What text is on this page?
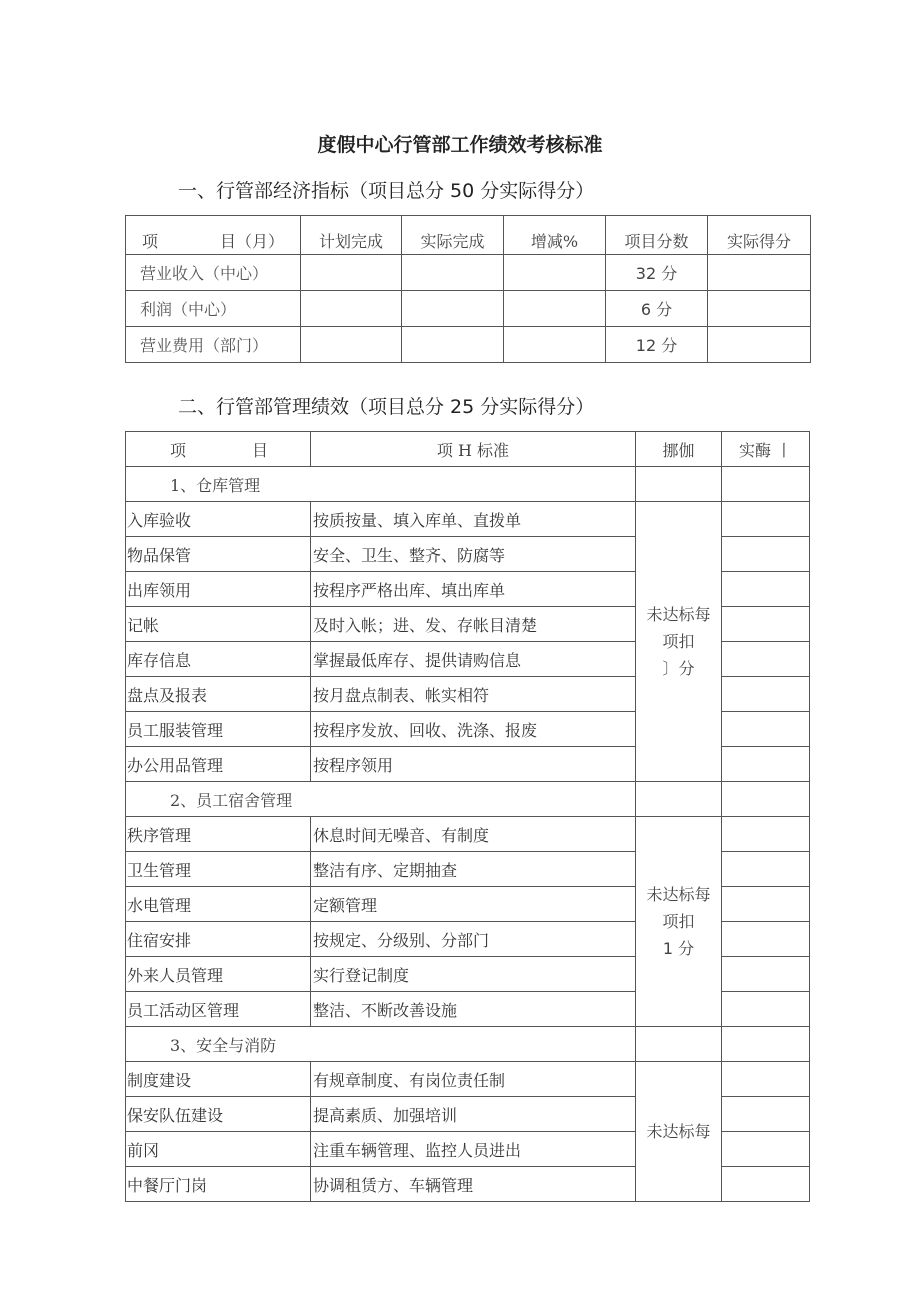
度假中心行管部工作绩效考核标准
一、行管部经济指标（项目总分 50 分实际得分）
项 目（月）	计划完成	实际完成	增减%	项目分数	实际得分
营业收入（中心）				32 分	
利润（中心）				6 分	
营业费用（部门）				12 分	
二、行管部管理绩效（项目总分 25 分实际得分）
项 目	项 H 标准	挪伽	实酶 丨
1、仓库管理			
入库验收	按质按量、填入库单、直拨单	未达标每
项扣
〕分	

物品保管	安全、卫生、整齐、防腐等		
出库领用	按程序严格出库、填出库单		
记帐	及时入帐；进、发、存帐目清楚		
库存信息	掌握最低库存、提供请购信息		
盘点及报表	按月盘点制表、帐实相符		
员工服装管理	按程序发放、回收、洗涤、报废		
办公用品管理	按程序领用		
2、员工宿舍管理			
秩序管理	休息时间无噪音、有制度	未达标每
项扣
1 分	

卫生管理	整洁有序、定期抽查		
水电管理	定额管理		
住宿安排	按规定、分级别、分部门		
外来人员管理	实行登记制度		
员工活动区管理	整洁、不断改善设施		
3、安全与消防			
制度建设	有规章制度、有岗位责任制	未达标每	

保安队伍建设	提高素质、加强培训		
前冈	注重车辆管理、监控人员进出		
中餐厅门岗	协调租赁方、车辆管理		
